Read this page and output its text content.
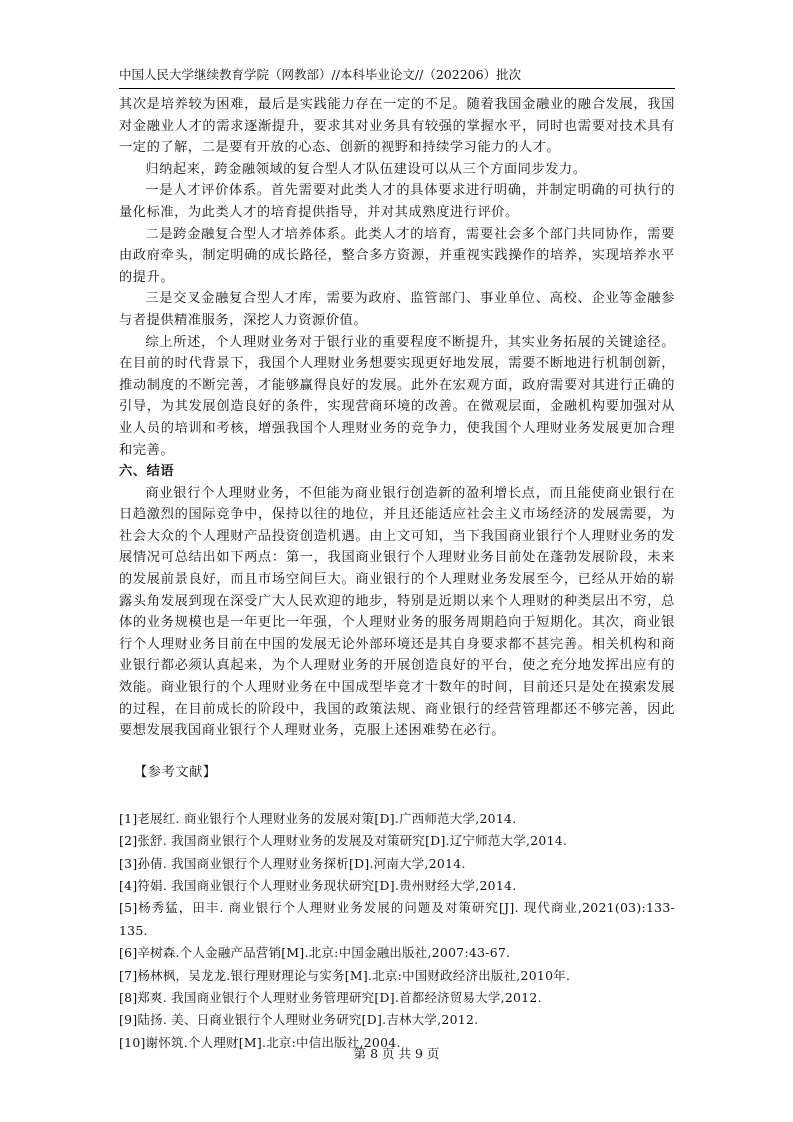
中国人民大学继续教育学院（网教部）//本科毕业论文//（202206）批次

其次是培养较为困难，最后是实践能力存在一定的不足。随着我国金融业的融合发展，我国对金融业人才的需求逐渐提升，要求其对业务具有较强的掌握水平，同时也需要对技术具有一定的了解，二是要有开放的心态、创新的视野和持续学习能力的人才。

归纳起来，跨金融领域的复合型人才队伍建设可以从三个方面同步发力。

一是人才评价体系。首先需要对此类人才的具体要求进行明确，并制定明确的可执行的量化标准，为此类人才的培育提供指导，并对其成熟度进行评价。

二是跨金融复合型人才培养体系。此类人才的培育，需要社会多个部门共同协作，需要由政府牵头，制定明确的成长路径，整合多方资源，并重视实践操作的培养，实现培养水平的提升。

三是交叉金融复合型人才库，需要为政府、监管部门、事业单位、高校、企业等金融参与者提供精准服务，深挖人力资源价值。

综上所述，个人理财业务对于银行业的重要程度不断提升，其实业务拓展的关键途径。在目前的时代背景下，我国个人理财业务想要实现更好地发展，需要不断地进行机制创新，推动制度的不断完善，才能够赢得良好的发展。此外在宏观方面，政府需要对其进行正确的引导，为其发展创造良好的条件，实现营商环境的改善。在微观层面，金融机构要加强对从业人员的培训和考核，增强我国个人理财业务的竞争力，使我国个人理财业务发展更加合理和完善。

六、结语

商业银行个人理财业务，不但能为商业银行创造新的盈利增长点，而且能使商业银行在日趋激烈的国际竞争中，保持以往的地位，并且还能适应社会主义市场经济的发展需要，为社会大众的个人理财产品投资创造机遇。由上文可知，当下我国商业银行个人理财业务的发展情况可总结出如下两点：第一，我国商业银行个人理财业务目前处在蓬勃发展阶段，未来的发展前景良好，而且市场空间巨大。商业银行的个人理财业务发展至今，已经从开始的崭露头角发展到现在深受广大人民欢迎的地步，特别是近期以来个人理财的种类层出不穷，总体的业务规模也是一年更比一年强，个人理财业务的服务周期趋向于短期化。其次，商业银行个人理财业务目前在中国的发展无论外部环境还是其自身要求都不甚完善。相关机构和商业银行都必须认真起来，为个人理财业务的开展创造良好的平台，使之充分地发挥出应有的效能。商业银行的个人理财业务在中国成型毕竟才十数年的时间，目前还只是处在摸索发展的过程，在目前成长的阶段中，我国的政策法规、商业银行的经营管理都还不够完善，因此要想发展我国商业银行个人理财业务，克服上述困难势在必行。

【参考文献】

[1]老展红. 商业银行个人理财业务的发展对策[D].广西师范大学,2014.

[2]张舒. 我国商业银行个人理财业务的发展及对策研究[D].辽宁师范大学,2014.

[3]孙倩. 我国商业银行个人理财业务探析[D].河南大学,2014.

[4]符娟. 我国商业银行个人理财业务现状研究[D].贵州财经大学,2014.

[5]杨秀猛，田丰. 商业银行个人理财业务发展的问题及对策研究[J]. 现代商业,2021(03):133-135.

[6]辛树森.个人金融产品营销[M].北京:中国金融出版社,2007:43-67.

[7]杨林枫，吴龙龙.银行理财理论与实务[M].北京:中国财政经济出版社,2010年.

[8]郑爽. 我国商业银行个人理财业务管理研究[D].首都经济贸易大学,2012.

[9]陆扬. 美、日商业银行个人理财业务研究[D].吉林大学,2012.

[10]谢怀筑.个人理财[M].北京:中信出版社,2004.

第 8 页 共 9 页
